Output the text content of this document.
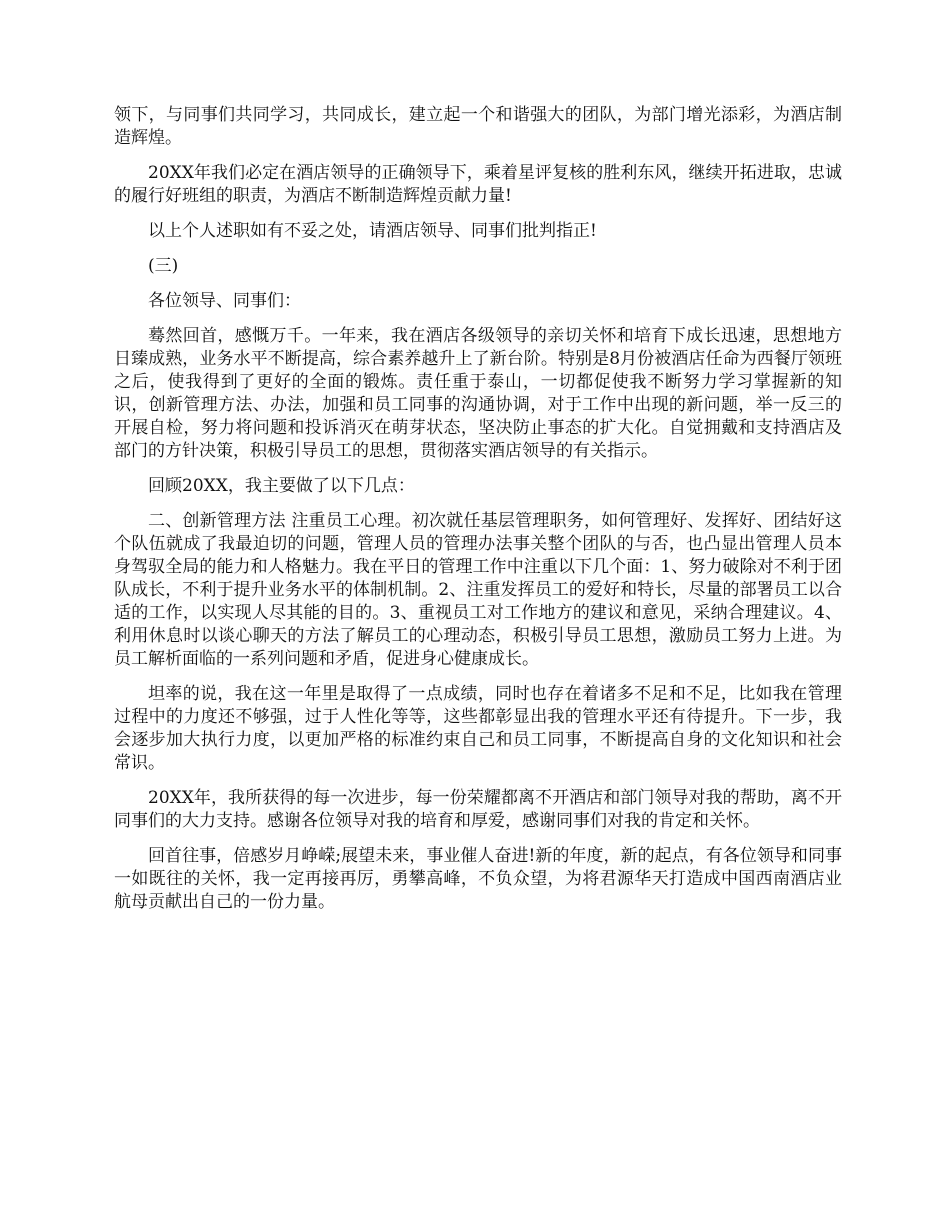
领下，与同事们共同学习，共同成长，建立起一个和谐强大的团队，为部门增光添彩，为酒店制造辉煌。

20XX年我们必定在酒店领导的正确领导下，乘着星评复核的胜利东风，继续开拓进取，忠诚的履行好班组的职责，为酒店不断制造辉煌贡献力量!

以上个人述职如有不妥之处，请酒店领导、同事们批判指正!

(三)

各位领导、同事们：

蓦然回首，感慨万千。一年来，我在酒店各级领导的亲切关怀和培育下成长迅速，思想地方日臻成熟，业务水平不断提高，综合素养越升上了新台阶。特别是8月份被酒店任命为西餐厅领班之后，使我得到了更好的全面的锻炼。责任重于泰山，一切都促使我不断努力学习掌握新的知识，创新管理方法、办法，加强和员工同事的沟通协调，对于工作中出现的新问题，举一反三的开展自检，努力将问题和投诉消灭在萌芽状态，坚决防止事态的扩大化。自觉拥戴和支持酒店及部门的方针决策，积极引导员工的思想，贯彻落实酒店领导的有关指示。

回顾20XX，我主要做了以下几点：

二、创新管理方法 注重员工心理。初次就任基层管理职务，如何管理好、发挥好、团结好这个队伍就成了我最迫切的问题，管理人员的管理办法事关整个团队的与否，也凸显出管理人员本身驾驭全局的能力和人格魅力。我在平日的管理工作中注重以下几个面：1、努力破除对不利于团队成长，不利于提升业务水平的体制机制。2、注重发挥员工的爱好和特长，尽量的部署员工以合适的工作，以实现人尽其能的目的。3、重视员工对工作地方的建议和意见，采纳合理建议。4、利用休息时以谈心聊天的方法了解员工的心理动态，积极引导员工思想，激励员工努力上进。为员工解析面临的一系列问题和矛盾，促进身心健康成长。

坦率的说，我在这一年里是取得了一点成绩，同时也存在着诸多不足和不足，比如我在管理过程中的力度还不够强，过于人性化等等，这些都彰显出我的管理水平还有待提升。下一步，我会逐步加大执行力度，以更加严格的标准约束自己和员工同事，不断提高自身的文化知识和社会常识。

20XX年，我所获得的每一次进步，每一份荣耀都离不开酒店和部门领导对我的帮助，离不开同事们的大力支持。感谢各位领导对我的培育和厚爱，感谢同事们对我的肯定和关怀。

回首往事，倍感岁月峥嵘;展望未来，事业催人奋进!新的年度，新的起点，有各位领导和同事一如既往的关怀，我一定再接再厉，勇攀高峰，不负众望，为将君源华天打造成中国西南酒店业航母贡献出自己的一份力量。
